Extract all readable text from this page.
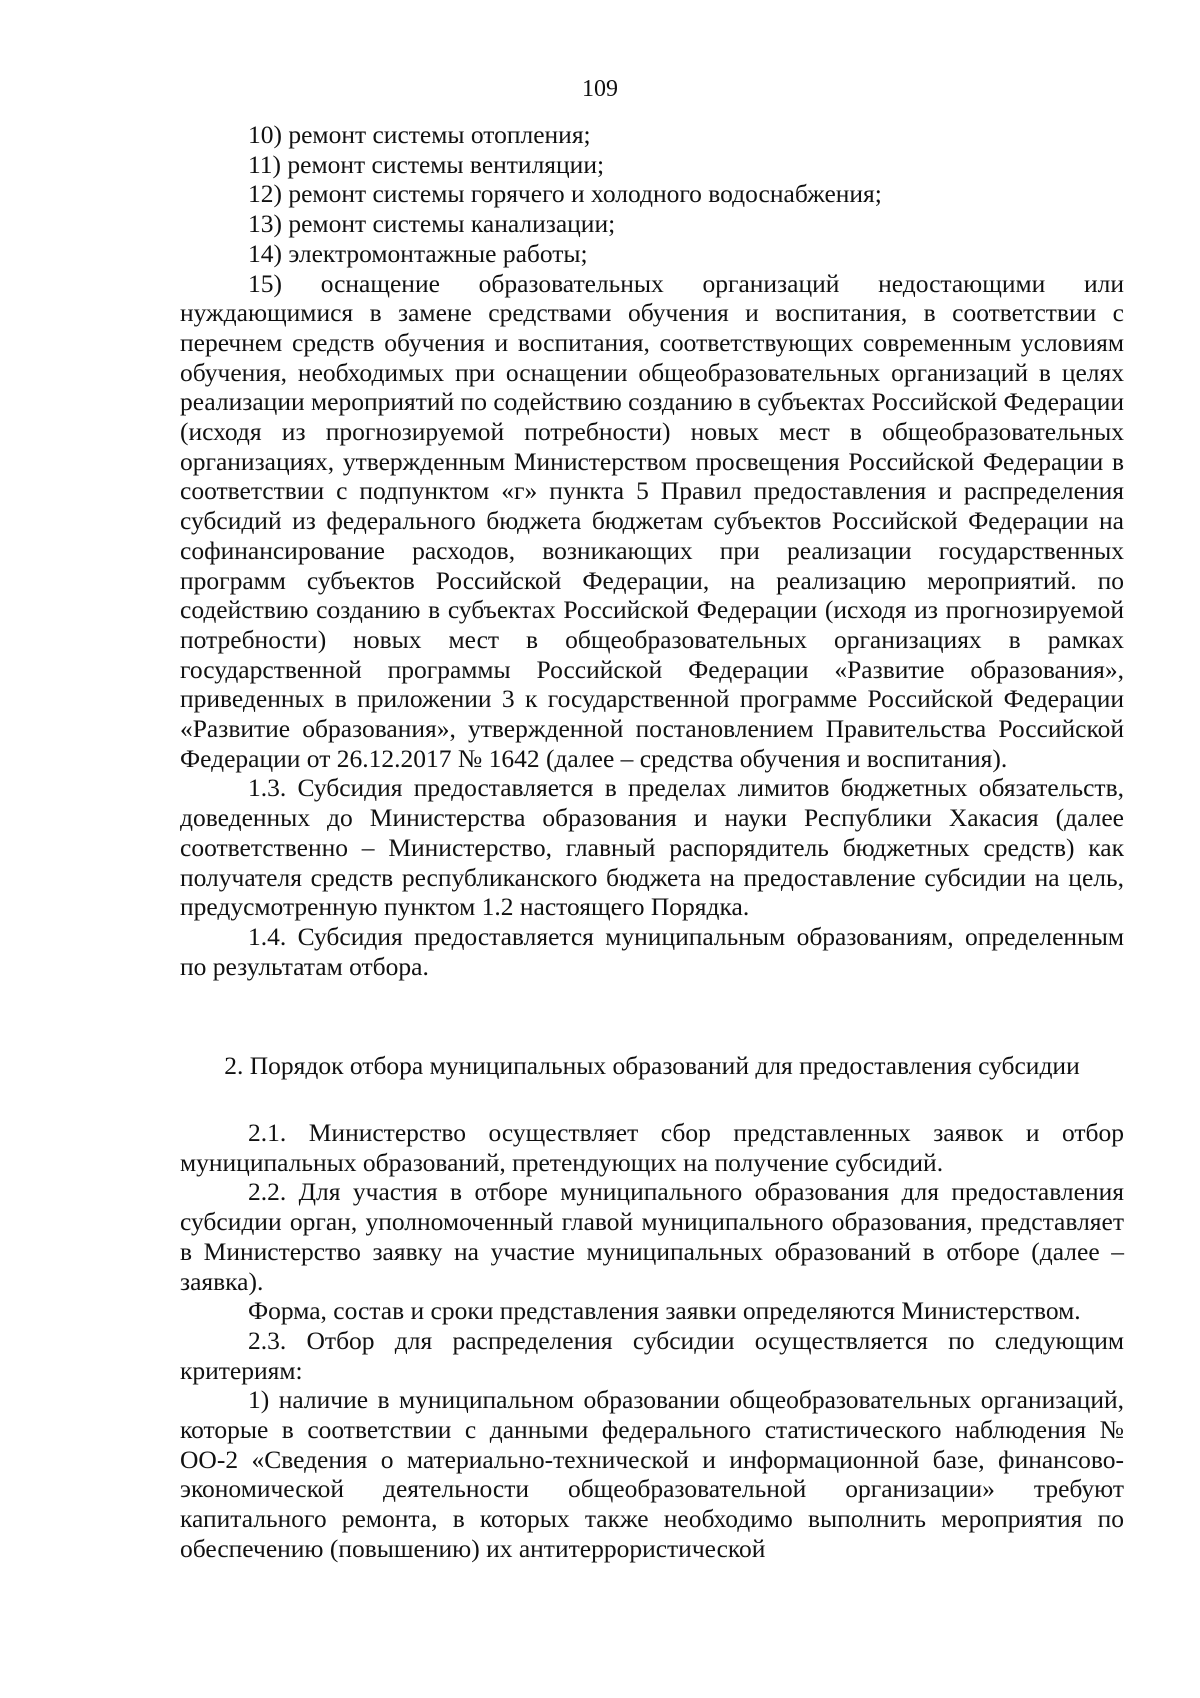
109

10) ремонт системы отопления;

11) ремонт системы вентиляции;

12) ремонт системы горячего и холодного водоснабжения;

13) ремонт системы канализации;

14) электромонтажные работы;

15) оснащение образовательных организаций недостающими или нуждающимися в замене средствами обучения и воспитания, в соответствии с перечнем средств обучения и воспитания, соответствующих современным условиям обучения, необходимых при оснащении общеобразовательных организаций в целях реализации мероприятий по содействию созданию в субъектах Российской Федерации (исходя из прогнозируемой потребности) новых мест в общеобразовательных организациях, утвержденным Министерством просвещения Российской Федерации в соответствии с подпунктом «г» пункта 5 Правил предоставления и распределения субсидий из федерального бюджета бюджетам субъектов Российской Федерации на софинансирование расходов, возникающих при реализации государственных программ субъектов Российской Федерации, на реализацию мероприятий. по содействию созданию в субъектах Российской Федерации (исходя из прогнозируемой потребности) новых мест в общеобразовательных организациях в рамках государственной программы Российской Федерации «Развитие образования», приведенных в приложении 3 к государственной программе Российской Федерации «Развитие образования», утвержденной постановлением Правительства Российской Федерации от 26.12.2017 № 1642 (далее – средства обучения и воспитания).

1.3. Субсидия предоставляется в пределах лимитов бюджетных обязательств, доведенных до Министерства образования и науки Республики Хакасия (далее соответственно – Министерство, главный распорядитель бюджетных средств) как получателя средств республиканского бюджета на предоставление субсидии на цель, предусмотренную пунктом 1.2 настоящего Порядка.

1.4. Субсидия предоставляется муниципальным образованиям, определенным по результатам отбора.

2. Порядок отбора муниципальных образований для предоставления субсидии

2.1. Министерство осуществляет сбор представленных заявок и отбор муниципальных образований, претендующих на получение субсидий.

2.2. Для участия в отборе муниципального образования для предоставления субсидии орган, уполномоченный главой муниципального образования, представляет в Министерство заявку на участие муниципальных образований в отборе (далее – заявка).

Форма, состав и сроки представления заявки определяются Министерством.

2.3. Отбор для распределения субсидии осуществляется по следующим критериям:

1) наличие в муниципальном образовании общеобразовательных организаций, которые в соответствии с данными федерального статистического наблюдения № ОО-2 «Сведения о материально-технической и информационной базе, финансово-экономической деятельности общеобразовательной организации» требуют капитального ремонта, в которых также необходимо выполнить мероприятия по обеспечению (повышению) их антитеррористической
